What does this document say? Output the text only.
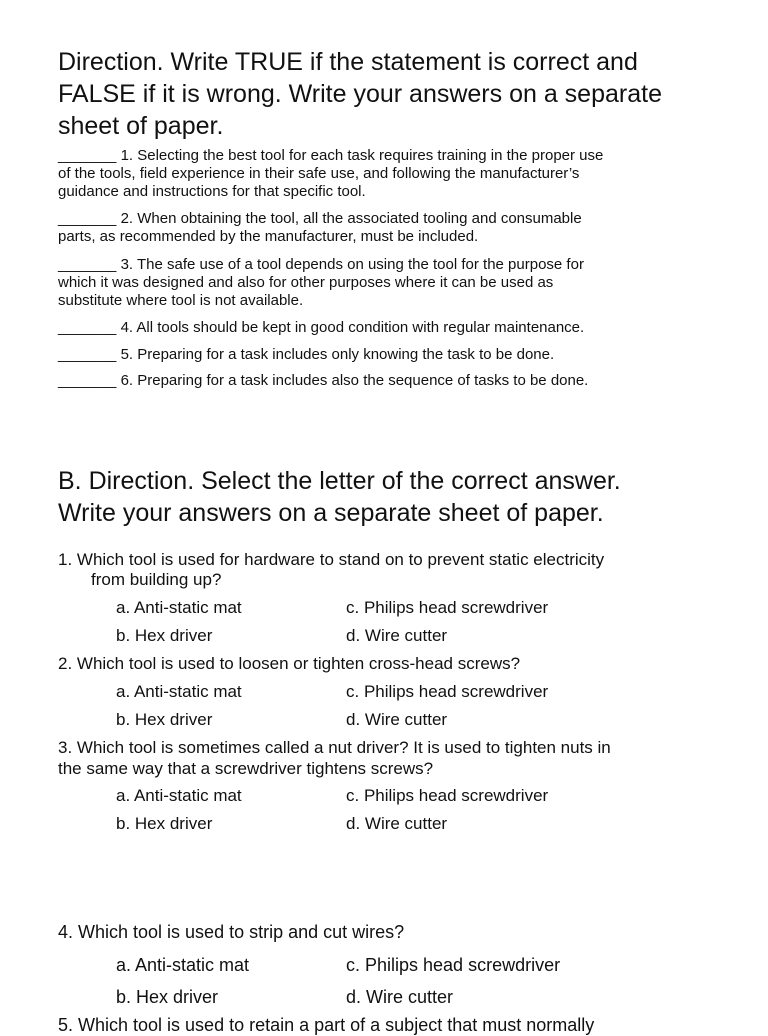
Direction. Write TRUE if the statement is correct and
FALSE if it is wrong. Write your answers on a separate
sheet of paper.
_______ 1. Selecting the best tool for each task requires training in the proper use
of the tools, field experience in their safe use, and following the manufacturer’s
guidance and instructions for that specific tool.
_______ 2. When obtaining the tool, all the associated tooling and consumable
parts, as recommended by the manufacturer, must be included.
_______ 3. The safe use of a tool depends on using the tool for the purpose for
which it was designed and also for other purposes where it can be used as
substitute where tool is not available.
_______ 4. All tools should be kept in good condition with regular maintenance.
_______ 5. Preparing for a task includes only knowing the task to be done.
_______ 6. Preparing for a task includes also the sequence of tasks to be done.
B. Direction. Select the letter of the correct answer.
Write your answers on a separate sheet of paper.
1. Which tool is used for hardware to stand on to prevent static electricity
from building up?
a. Anti-static mat	c. Philips head screwdriver
b. Hex driver	d. Wire cutter
2. Which tool is used to loosen or tighten cross-head screws?
a. Anti-static mat	c. Philips head screwdriver
b. Hex driver	d. Wire cutter
3. Which tool is sometimes called a nut driver? It is used to tighten nuts in
the same way that a screwdriver tightens screws?
a. Anti-static mat	c. Philips head screwdriver
b. Hex driver	d. Wire cutter
4. Which tool is used to strip and cut wires?
a. Anti-static mat	c. Philips head screwdriver
b. Hex driver	d. Wire cutter
5. Which tool is used to retain a part of a subject that must normally
